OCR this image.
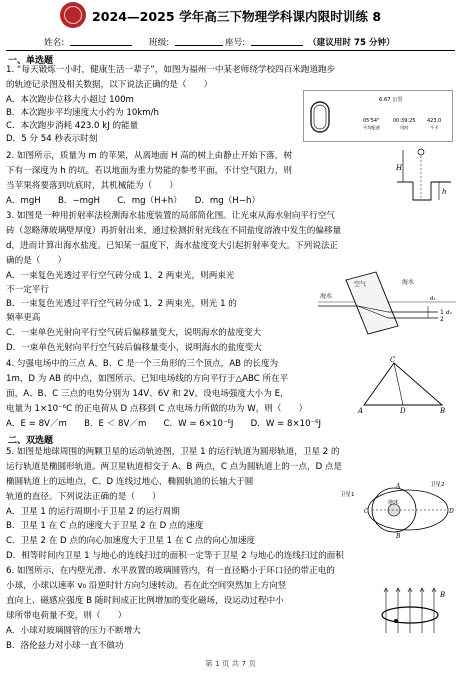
2024—2025 学年高三下物理学科课内限时训练 8
姓名:	班级:	座号:	（建议用时 75 分钟）
一、单选题
1. “每天锻炼一小时，健康生活一辈子”，如图为福州一中某老师绕学校四百米跑道跑步
的轨迹记录图及相关数据，以下说法正确的是（　　）
A．本次跑步位移大小超过 100m
B．本次跑步平均速度大小约为 10km/h
C．本次跑步消耗 423.0 kJ 的能量
D．5 分 54 秒表示时刻
2. 如图所示，质量为 m 的苹果，从离地面 H 高的树上由静止开始下落，树
下有一深度为 h 的坑。若以地面为重力势能的参考平面，不计空气阻力，则
当苹果将要落到坑底时，其机械能为（　　）
A．mgH　　B．−mgH　　C．mg（H+h）　　D．mg（H−h）
3. 如图是一种用折射率法检测海水盐度装置的局部简化图。让光束从海水射向平行空气
砖（忽略薄玻璃壁厚度）再折射出来，通过检测折射光线在不同盐度溶液中发生的偏移量
d，进而计算出海水盐度。已知某一温度下，海水盐度变大引起折射率变大。下列说法正
确的是（　　）
A．一束复色光透过平行空气砖分成 1、2 两束光，则两束光
不一定平行
B．一束复色光透过平行空气砖分成 1、2 两束光，则光 1 的
频率更高
C．一束单色光射向平行空气砖后偏移量变大，说明海水的盐度变大
D．一束单色光射向平行空气砖后偏移量变小，说明海水的盐度变大
4. 匀强电场中的三点 A、B、C 是一个三角形的三个顶点，AB 的长度为
1m，D 为 AB 的中点，如图所示。已知电场线的方向平行于△ABC 所在平
面，A、B、C 三点的电势分别为 14V、6V 和 2V。设电场强度大小为 E，
电量为 1×10⁻⁶C 的正电荷从 D 点移到 C 点电场力所做的功为 W，则（　　）
A．E = 8V／m　　B．E ＜ 8V／m　　C．W = 6×10⁻⁶J　　D．W = 8×10⁻⁶J
二、双选题
5. 如图是地球周围的两颗卫星的运动轨迹图，卫星 1 的运行轨道为圆形轨道，卫星 2 的
运行轨道是椭圆形轨道。两卫星轨道相交于 A、B 两点，C 点为圆轨道上的一点，D 点是
椭圆轨道上的远地点，C、D 连线过地心，椭圆轨道的长轴大于圆
轨道的直径。下列说法正确的是（　　）
A．卫星 1 的运行周期小于卫星 2 的运行周期
B．卫星 1 在 C 点的速度大于卫星 2 在 D 点的速度
C．卫星 2 在 D 点的向心加速度大于卫星 1 在 C 点的向心加速度
D．相等时间内卫星 1 与地心的连线扫过的面积一定等于卫星 2 与地心的连线扫过的面积
6. 如图所示，在内壁光滑、水平放置的玻璃圆管内，有一直径略小于环口径的带正电的
小球，小球以速率 v₀ 沿逆时针方向匀速转动。若在此空间突然加上方向竖
直向上、磁感应强度 B 随时间成正比例增加的变化磁场，设运动过程中小
球所带电荷量不变，则（　　）
A．小球对玻璃圆管的压力不断增大
B．洛伦兹力对小球一直不做功
6.67 公里
05'54"
平均配速
00:39:25
用时
423.0
千卡
H
h
空气	海水
海水
1
2
d₁
d₂
C
A	D	B
地球
卫星1
卫星2
A
B
C	D
B
第 1 页 共 7 页
